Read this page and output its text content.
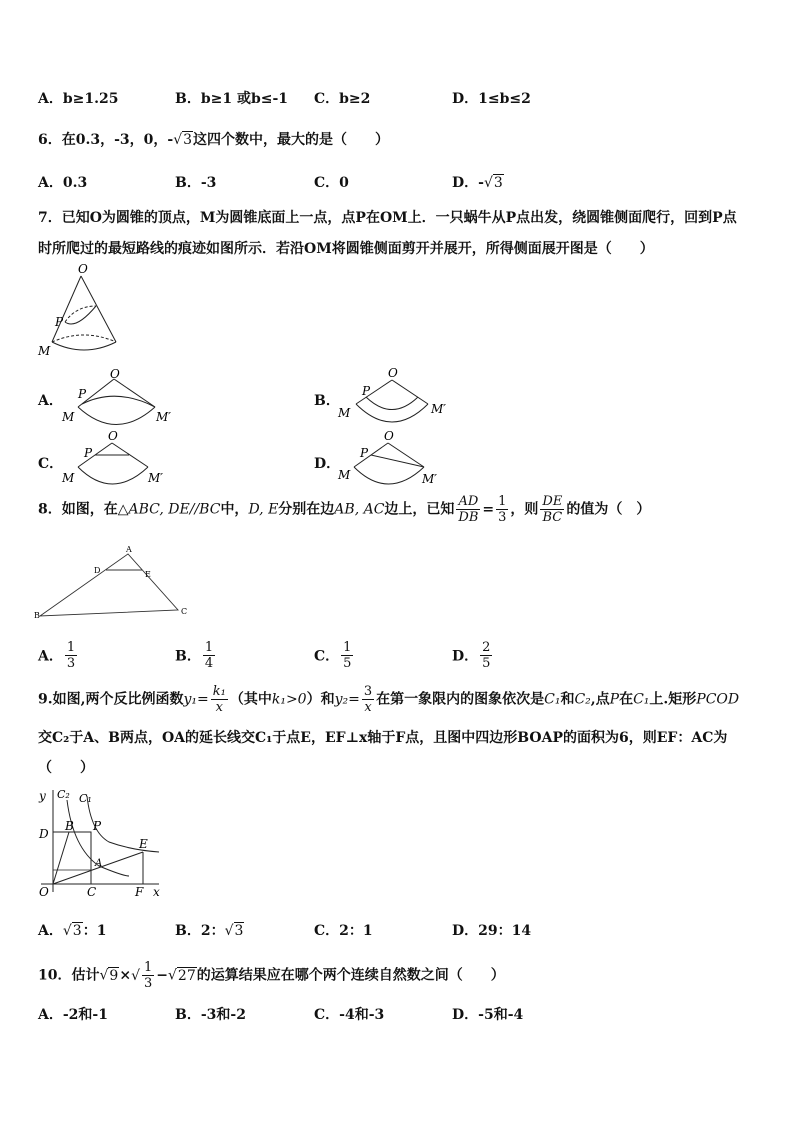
A．b≥1.25	B．b≥1 或b≤-1 C．b≥2	D．1≤b≤2
6．在0.3，-3，0，-√3这四个数中，最大的是（　　）
A．0.3	B．-3	C．0	D．-√3
7．已知O为圆锥的顶点，M为圆锥底面上一点，点P在OM上．一只蜗牛从P点出发，绕圆锥侧面爬行，回到P点
时所爬过的最短路线的痕迹如图所示．若沿OM将圆锥侧面剪开并展开，所得侧面展开图是（　　）
O
P
M
A．
O
P
M	M′
B．
O
P
M	M′
C．
O
P
M	M′
D．
O
P
M	M′
8．如图，在△ABC, DE//BC中，D, E分别在边AB, AC边上，已知 $\frac{AD}{DB} = \frac{1}{3}$ ，则 $\frac{DE}{BC}$ 的值为（　）
A
B	C
D	E
A． $\frac{1}{3}$	B． $\frac{1}{4}$	C． $\frac{1}{5}$	D． $\frac{2}{5}$
9.如图,两个反比例函数$y_1= \frac{\text{k₁}}{x}$ （其中k₁>0）和$y_2= \frac{3}{x}$ 在第一象限内的图象依次是C₁和C₂,点P在C₁上.矩形PCOD
交C₂于A、B两点，OA的延长线交C₁于点E，EF⊥x轴于F点，且图中四边形BOAP的面积为6，则EF：AC为
（　　）
y
x
C₂ C₁
D
B P
E
A
O	C	F
A．√3：1	B．2：√3	C．2：1	D．29：14
10．估计$√9\times√ \frac{1}{3} -√27$的运算结果应在哪个两个连续自然数之间（　　）
A．-2和-1	B．-3和-2	C．-4和-3	D．-5和-4
